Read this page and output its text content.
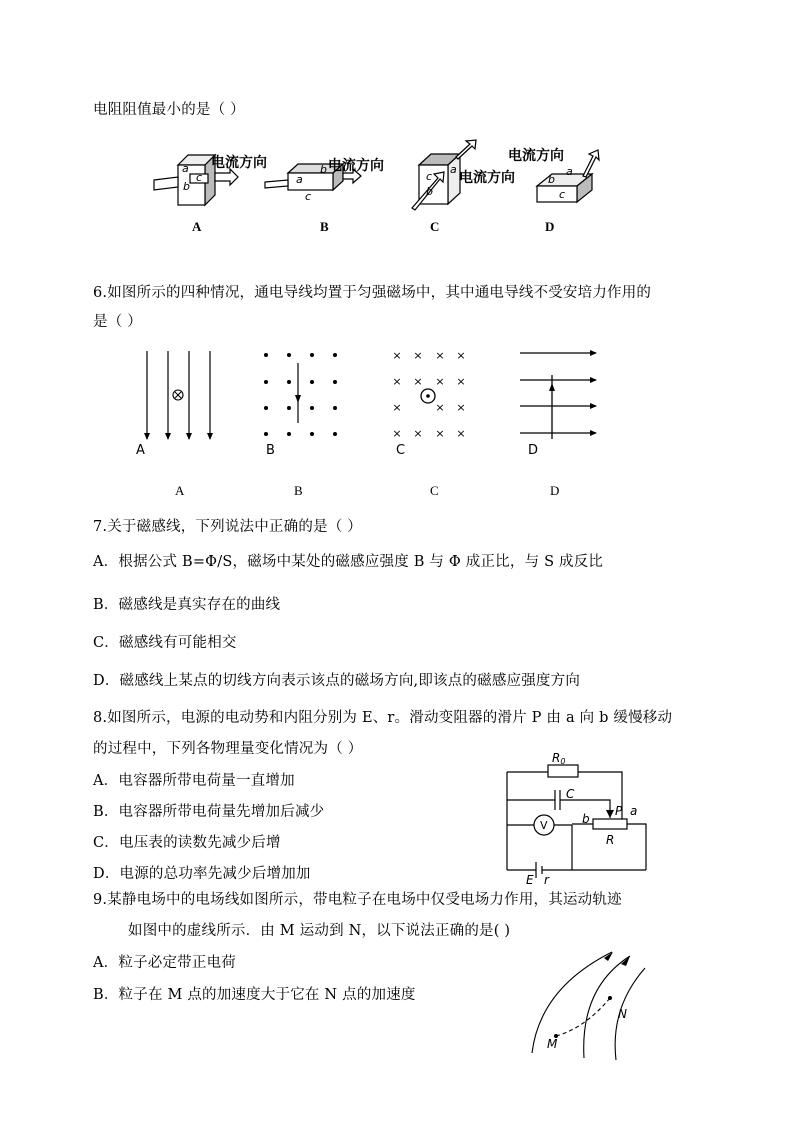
电阻阻值最小的是（ ）
a
b
c	a
b
c
c
b
a
b
a
c
电流方向	电流方向
电流方向
电流方向
A	B	C	D
6.如图所示的四种情况，通电导线均置于匀强磁场中，其中通电导线不受安培力作用的
是（ ）
× × × ×
× × × ×
×	×
×
× × × ×
A	B	C	D
A	B	C	D
7.关于磁感线，下列说法中正确的是（ ）
A．根据公式 B=Φ/S，磁场中某处的磁感应强度 B 与 Φ 成正比，与 S 成反比
B．磁感线是真实存在的曲线
C．磁感线有可能相交
D．磁感线上某点的切线方向表示该点的磁场方向,即该点的磁感应强度方向
8.如图所示，电源的电动势和内阻分别为 E、r。滑动变阻器的滑片 P 由 a 向 b 缓慢移动
的过程中，下列各物理量变化情况为（ ）
A．电容器所带电荷量一直增加
B．电容器所带电荷量先增加后减少
C．电压表的读数先减少后增
D．电源的总功率先减少后增加加
R0
C
P a
b
R
E r
V
9.某静电场中的电场线如图所示，带电粒子在电场中仅受电场力作用，其运动轨迹
如图中的虚线所示．由 M 运动到 N，以下说法正确的是( )
A．粒子必定带正电荷
B．粒子在 M 点的加速度大于它在 N 点的加速度
M
N
